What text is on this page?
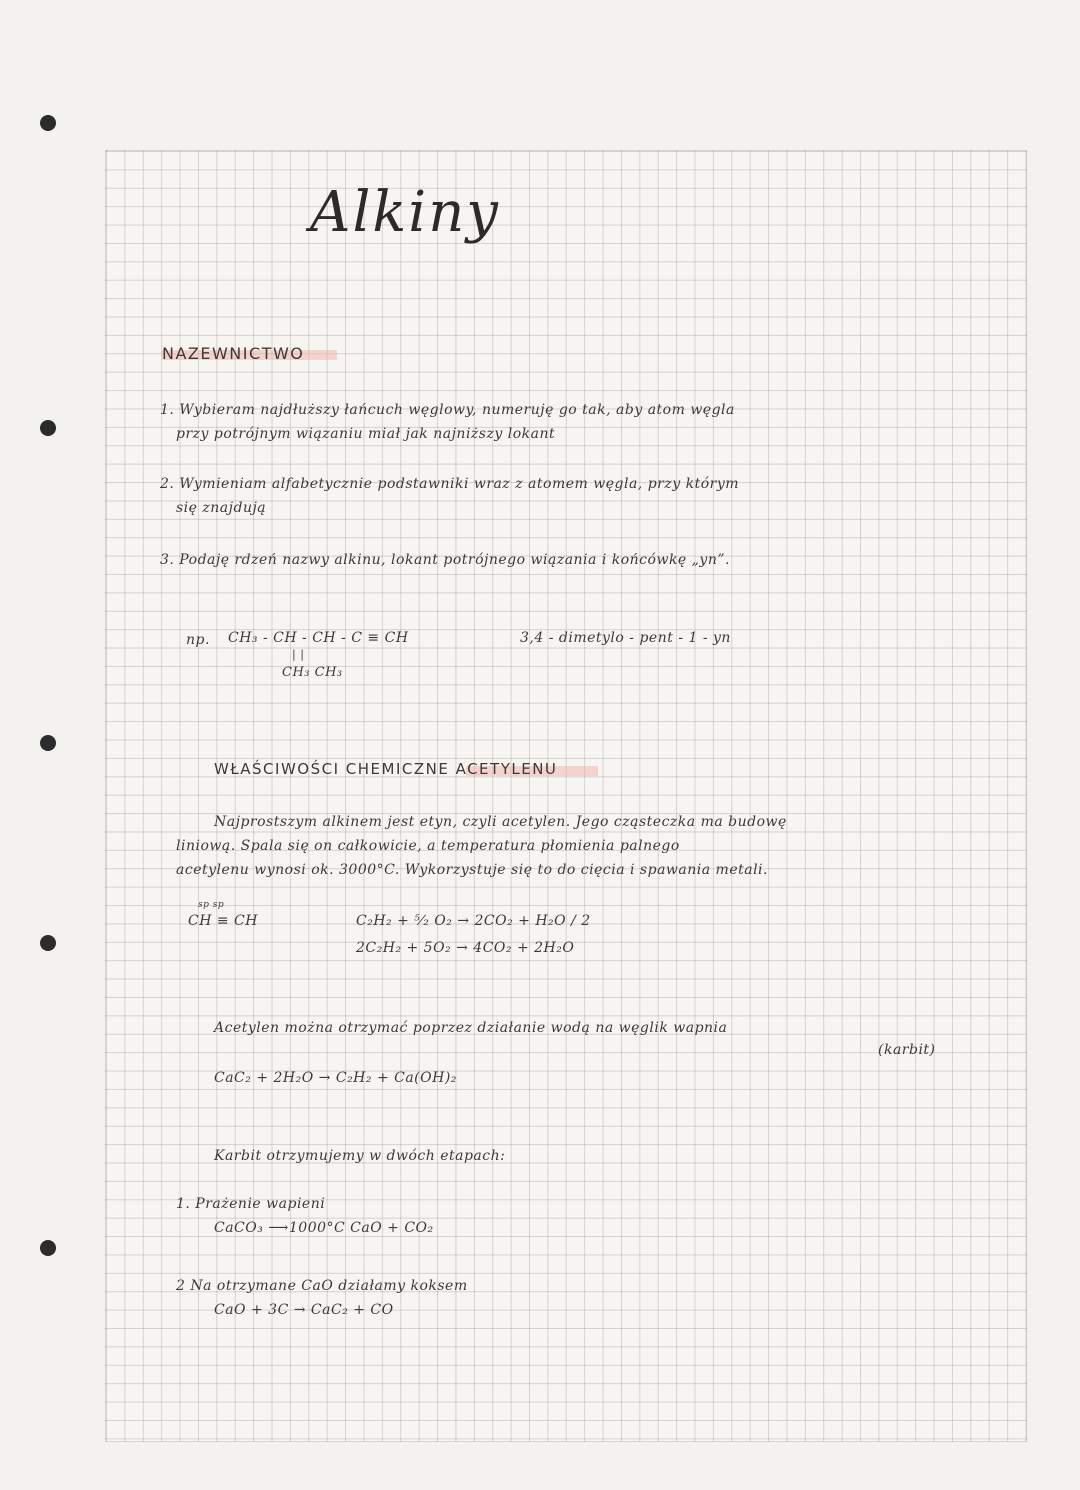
Alkiny
NAZEWNICTWO
1. Wybieram najdłuższy łańcuch węglowy, numeruję go tak, aby atom węgla
przy potrójnym wiązaniu miał jak najniższy lokant
2. Wymieniam alfabetycznie podstawniki wraz z atomem węgla, przy którym
się znajdują
3. Podaję rdzeń nazwy alkinu, lokant potrójnego wiązania i końcówkę „yn”.
np. CH₃ - CH - CH - C ≡ CH
| |
CH₃ CH₃
3,4 - dimetylo - pent - 1 - yn
WŁAŚCIWOŚCI CHEMICZNE ACETYLENU
Najprostszym alkinem jest etyn, czyli acetylen. Jego cząsteczka ma budowę
liniową. Spala się on całkowicie, a temperatura płomienia palnego
acetylenu wynosi ok. 3000°C. Wykorzystuje się to do cięcia i spawania metali.
sp sp
CH ≡ CH	C₂H₂ + ⁵⁄₂ O₂ → 2CO₂ + H₂O / 2
2C₂H₂ + 5O₂ → 4CO₂ + 2H₂O
Acetylen można otrzymać poprzez działanie wodą na węglik wapnia
(karbit)
CaC₂ + 2H₂O → C₂H₂ + Ca(OH)₂
Karbit otrzymujemy w dwóch etapach:
1. Prażenie wapieni
CaCO₃ ⟶1000°C CaO + CO₂
2 Na otrzymane CaO działamy koksem
CaO + 3C → CaC₂ + CO
